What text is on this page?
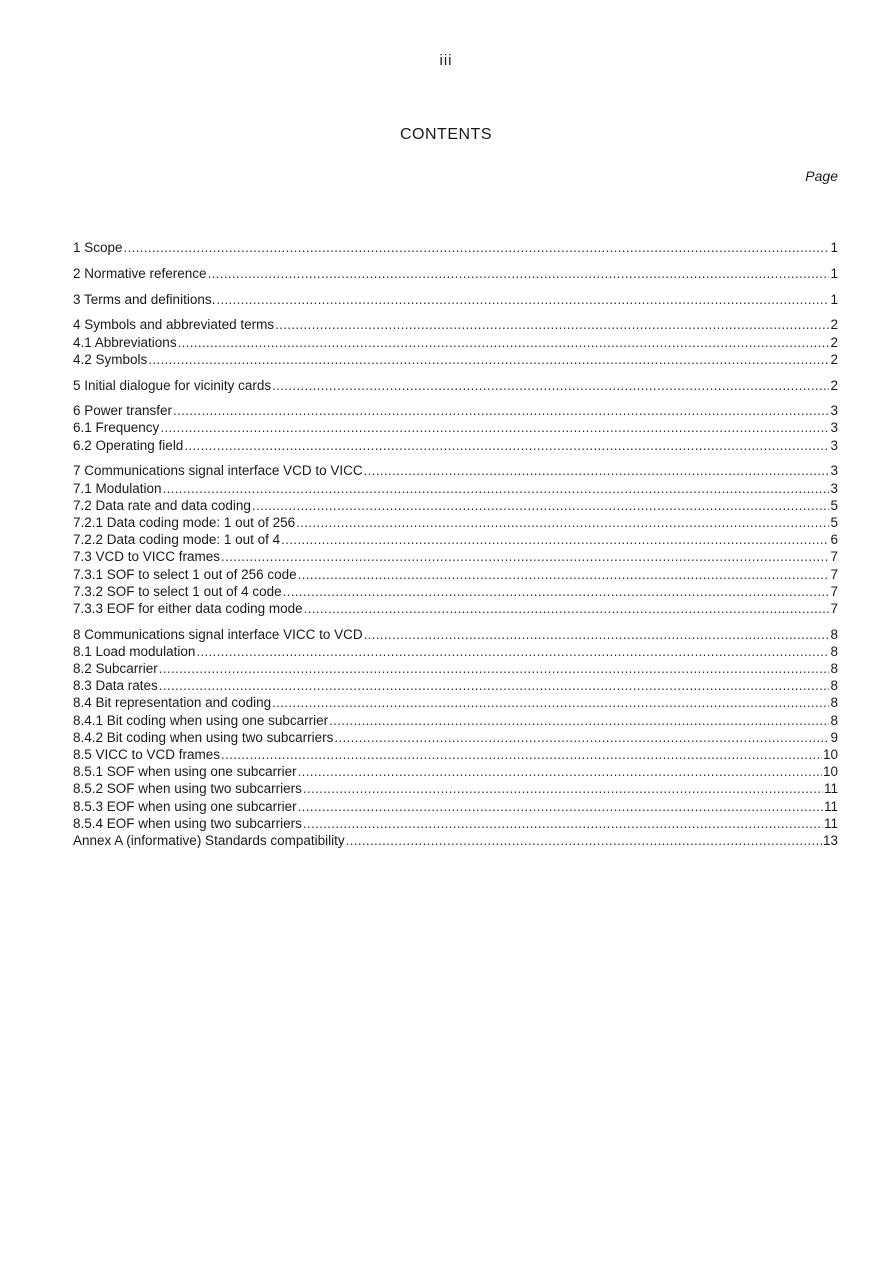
iii
CONTENTS
Page
1 Scope .....	1
2 Normative reference .....	1
3 Terms and definitions. .....	1
4 Symbols and abbreviated terms .....	2
4.1 Abbreviations .....	2
4.2 Symbols .....	2
5 Initial dialogue for vicinity cards .....	2
6 Power transfer .....	3
6.1 Frequency .....	3
6.2 Operating field .....	3
7 Communications signal interface VCD to VICC .....	3
7.1 Modulation .....	3
7.2 Data rate and data coding .....	5
7.2.1 Data coding mode: 1 out of 256 .....	5
7.2.2 Data coding mode: 1 out of 4 .....	6
7.3 VCD to VICC frames .....	7
7.3.1 SOF to select 1 out of 256 code .....	7
7.3.2 SOF to select 1 out of 4 code .....	7
7.3.3 EOF for either data coding mode .....	7
8 Communications signal interface VICC to VCD .....	8
8.1 Load modulation .....	8
8.2 Subcarrier .....	8
8.3 Data rates .....	8
8.4 Bit representation and coding .....	8
8.4.1 Bit coding when using one subcarrier .....	8
8.4.2 Bit coding when using two subcarriers .....	9
8.5 VICC to VCD frames .....	10
8.5.1 SOF when using one subcarrier .....	10
8.5.2 SOF when using two subcarriers .....	11
8.5.3 EOF when using one subcarrier .....	11
8.5.4 EOF when using two subcarriers .....	11
Annex A (informative) Standards compatibility .....	13
